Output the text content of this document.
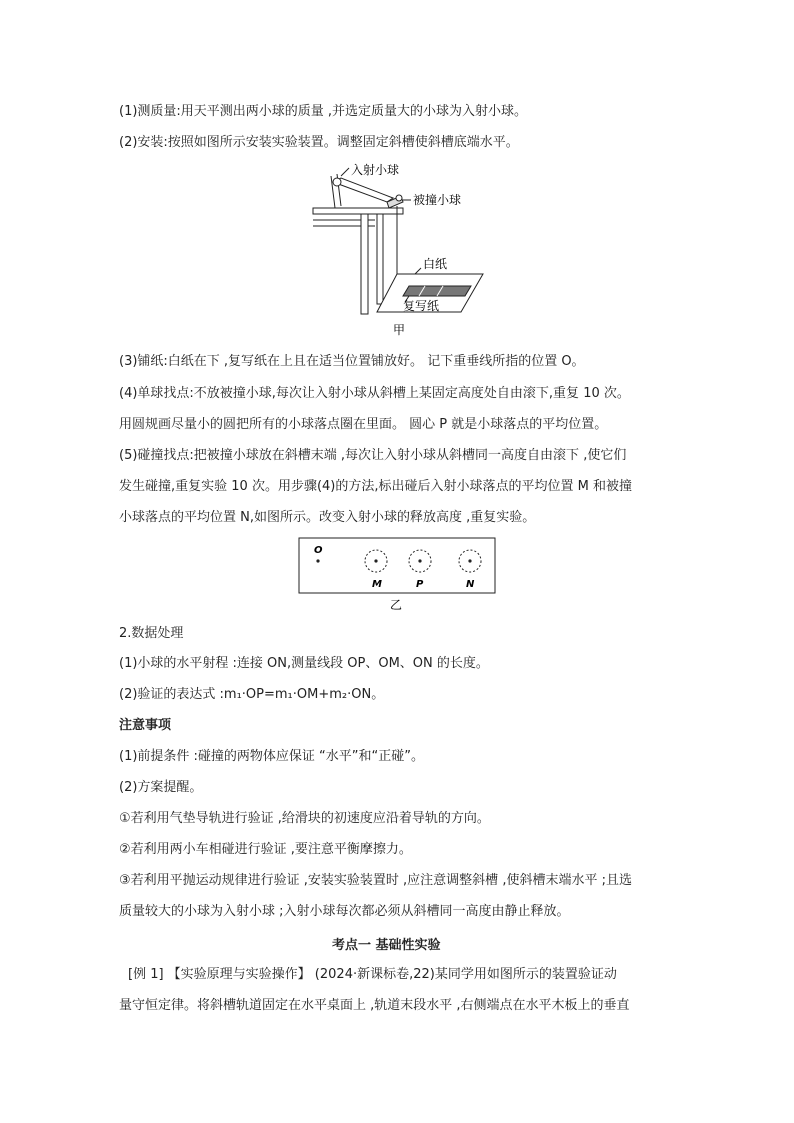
(1)测质量:用天平测出两小球的质量 ,并选定质量大的小球为入射小球。
(2)安装:按照如图所示安装实验装置。调整固定斜槽使斜槽底端水平。
入射小球
被撞小球
白纸
复写纸
甲
(3)铺纸:白纸在下 ,复写纸在上且在适当位置铺放好。 记下重垂线所指的位置 O。
(4)单球找点:不放被撞小球,每次让入射小球从斜槽上某固定高度处自由滚下,重复 10 次。
用圆规画尽量小的圆把所有的小球落点圈在里面。 圆心 P 就是小球落点的平均位置。
(5)碰撞找点:把被撞小球放在斜槽末端 ,每次让入射小球从斜槽同一高度自由滚下 ,使它们
发生碰撞,重复实验 10 次。用步骤(4)的方法,标出碰后入射小球落点的平均位置 M 和被撞
小球落点的平均位置 N,如图所示。改变入射小球的释放高度 ,重复实验。
O
M	P	N
乙
2.数据处理
(1)小球的水平射程 :连接 ON,测量线段 OP、OM、ON 的长度。
(2)验证的表达式 :m₁·OP=m₁·OM+m₂·ON。
注意事项
(1)前提条件 :碰撞的两物体应保证 “水平”和“正碰”。
(2)方案提醒。
①若利用气垫导轨进行验证 ,给滑块的初速度应沿着导轨的方向。
②若利用两小车相碰进行验证 ,要注意平衡摩擦力。
③若利用平抛运动规律进行验证 ,安装实验装置时 ,应注意调整斜槽 ,使斜槽末端水平 ;且选
质量较大的小球为入射小球 ;入射小球每次都必须从斜槽同一高度由静止释放。
考点一 基础性实验
[例 1] 【实验原理与实验操作】 (2024·新课标卷,22)某同学用如图所示的装置验证动
量守恒定律。将斜槽轨道固定在水平桌面上 ,轨道末段水平 ,右侧端点在水平木板上的垂直
